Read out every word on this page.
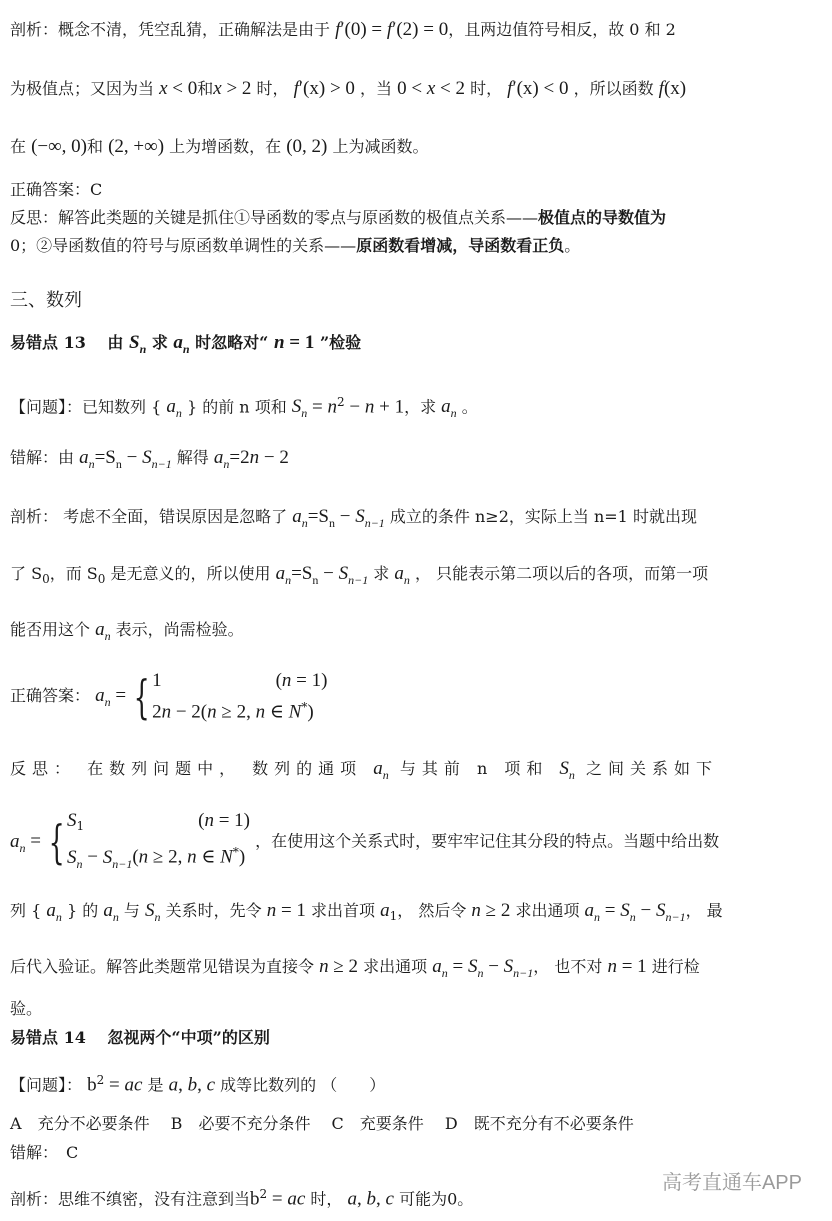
剖析：概念不清，凭空乱猜，正确解法是由于 f′(0) = f′(2) = 0，且两边值符号相反，故 0 和 2
为极值点；又因为当 x < 0和x > 2 时， f′(x) > 0 ，当 0 < x < 2 时， f′(x) < 0 ，所以函数 f(x)
在 (−∞, 0)和 (2, +∞) 上为增函数，在 (0, 2) 上为减函数。
正确答案：C
反思：解答此类题的关键是抓住①导函数的零点与原函数的极值点关系——极值点的导数值为
0；②导函数值的符号与原函数单调性的关系——原函数看增减，导函数看正负。
三、数列
易错点 13　 由 $S_n$ 求 $a_n$ 时忽略对“ n = 1 ”检验
【问题】：已知数列 { $a_n$ } 的前 n 项和 $S_n = n^2 - n + 1$，求 $a_n$ 。
错解：由 $a_n=S_n - S_{n-1}$ 解得 $a_n=2n - 2$
剖析： 考虑不全面，错误原因是忽略了 $a_n=S_n - S_{n-1}$ 成立的条件 n≥2，实际上当 n=1 时就出现
了 $S_0$，而 $S_0$ 是无意义的，所以使用 $a_n=S_n - S_{n-1}$ 求 $a_n$ ， 只能表示第二项以后的各项，而第一项
能否用这个 $a_n$ 表示，尚需检验。
正确答案： $a_n$ = { 1　　　　　　(n = 1)
2n − 2(n ≥ 2, n ∈ N*)
反思： 在数列问题中， 数列的通项 $a_n$ 与其前 n 项和 $S_n$ 之间关系如下
$a_n$ = { $S_1$　　　　　　(n = 1)
$S_n - S_{n-1}(n \ge 2$, n ∈ N*)
，在使用这个关系式时，要牢牢记住其分段的特点。当题中给出数
列 { $a_n$ } 的 $a_n$ 与 $S_n$ 关系时，先令 n = 1 求出首项 $a_1$， 然后令 n ≥ 2 求出通项 $a_n = S_n - S_{n-1}$， 最
后代入验证。解答此类题常见错误为直接令 n ≥ 2 求出通项 $a_n = S_n - S_{n-1}$， 也不对 n = 1 进行检
验。
易错点 14　 忽视两个“中项”的区别
【问题】： $b^2$ = ac 是 a, b, c 成等比数列的 （　　）
A　充分不必要条件　 B　必要不充分条件　 C　充要条件　 D　既不充分有不必要条件
错解：　 C
剖析：思维不缜密，没有注意到当$b^2$ = ac 时， a, b, c 可能为0。
高考直通车APP
